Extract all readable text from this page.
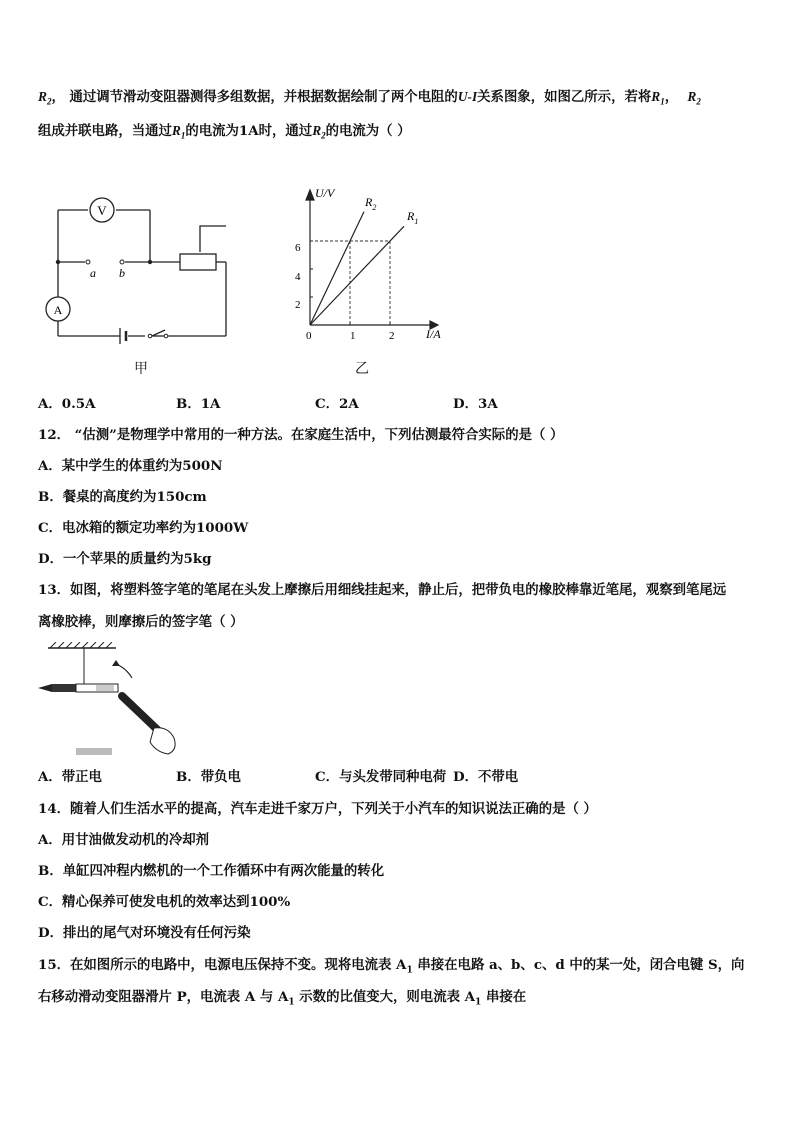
$R_2$， 通过调节滑动变阻器测得多组数据，并根据数据绘制了两个电阻的U-I关系图象，如图乙所示，若将$R_1$， $R_2$
组成并联电路，当通过$R_1$的电流为1A时，通过$R_2$的电流为（ ）
V
A
a b
甲
U/V
I/A
$R_2$
$R_1$
2
4
6
0	1	2
乙
A．0.5A	B．1A	C．2A	D．3A
12． “估测”是物理学中常用的一种方法。在家庭生活中，下列估测最符合实际的是（ ）
A．某中学生的体重约为500N
B．餐桌的高度约为150cm
C．电冰箱的额定功率约为1000W
D．一个苹果的质量约为5kg
13．如图，将塑料签字笔的笔尾在头发上摩擦后用细线挂起来，静止后，把带负电的橡胶棒靠近笔尾，观察到笔尾远
离橡胶棒，则摩擦后的签字笔（ ）
A．带正电	B．带负电	C．与头发带同种电荷 D．不带电
14．随着人们生活水平的提高，汽车走进千家万户，下列关于小汽车的知识说法正确的是（ ）
A．用甘油做发动机的冷却剂
B．单缸四冲程内燃机的一个工作循环中有两次能量的转化
C．精心保养可使发电机的效率达到100%
D．排出的尾气对环境没有任何污染
15．在如图所示的电路中，电源电压保持不变。现将电流表 $A_1$ 串接在电路 a、b、c、d 中的某一处，闭合电键 S，向
右移动滑动变阻器滑片 P，电流表 A 与 $A_1$ 示数的比值变大，则电流表 $A_1$ 串接在
